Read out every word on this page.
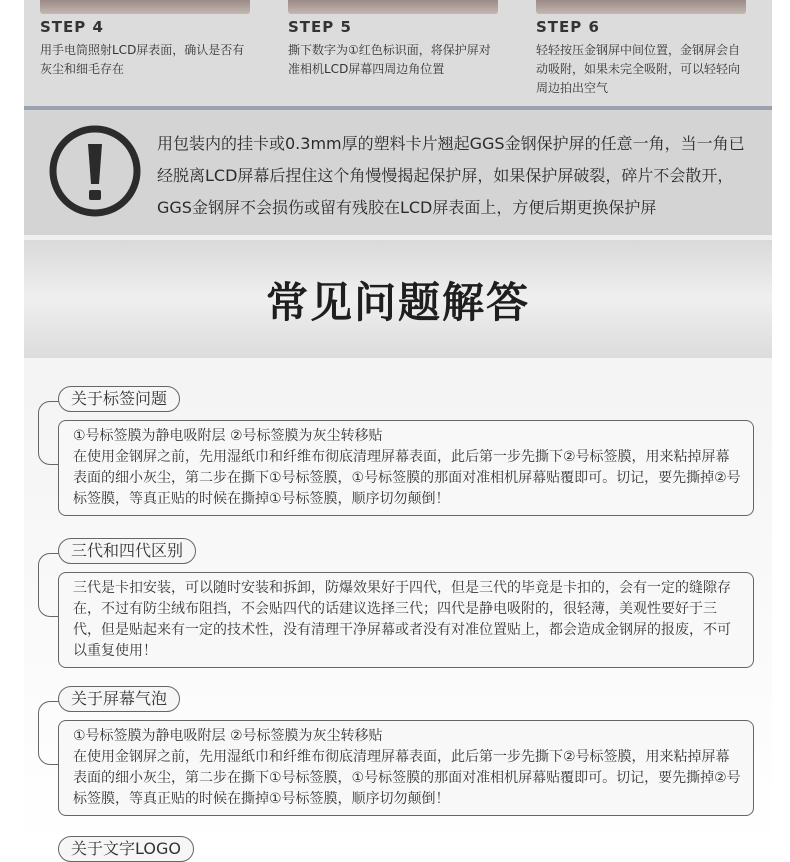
STEP 4
用手电筒照射LCD屏表面，确认是否有灰尘和细毛存在
STEP 5
撕下数字为①红色标识面，将保护屏对准相机LCD屏幕四周边角位置
STEP 6
轻轻按压金钢屏中间位置，金钢屏会自动吸附，如果未完全吸附，可以轻轻向周边拍出空气
用包装内的挂卡或0.3mm厚的塑料卡片翘起GGS金钢保护屏的任意一角，当一角已经脱离LCD屏幕后捏住这个角慢慢揭起保护屏，如果保护屏破裂，碎片不会散开，GGS金钢屏不会损伤或留有残胶在LCD屏表面上，方便后期更换保护屏
常见问题解答
关于标签问题
①号标签膜为静电吸附层 ②号标签膜为灰尘转移贴
在使用金钢屏之前，先用湿纸巾和纤维布彻底清理屏幕表面，此后第一步先撕下②号标签膜，用来粘掉屏幕表面的细小灰尘，第二步在撕下①号标签膜，①号标签膜的那面对准相机屏幕贴覆即可。切记，要先撕掉②号标签膜，等真正贴的时候在撕掉①号标签膜，顺序切勿颠倒！
三代和四代区别
三代是卡扣安装，可以随时安装和拆卸，防爆效果好于四代，但是三代的毕竟是卡扣的，会有一定的缝隙存在，不过有防尘绒布阻挡，不会贴四代的话建议选择三代；四代是静电吸附的，很轻薄，美观性要好于三代，但是贴起来有一定的技术性，没有清理干净屏幕或者没有对准位置贴上，都会造成金钢屏的报废，不可以重复使用！
关于屏幕气泡
①号标签膜为静电吸附层 ②号标签膜为灰尘转移贴
在使用金钢屏之前，先用湿纸巾和纤维布彻底清理屏幕表面，此后第一步先撕下②号标签膜，用来粘掉屏幕表面的细小灰尘，第二步在撕下①号标签膜，①号标签膜的那面对准相机屏幕贴覆即可。切记，要先撕掉②号标签膜，等真正贴的时候在撕掉①号标签膜，顺序切勿颠倒！
关于文字LOGO
